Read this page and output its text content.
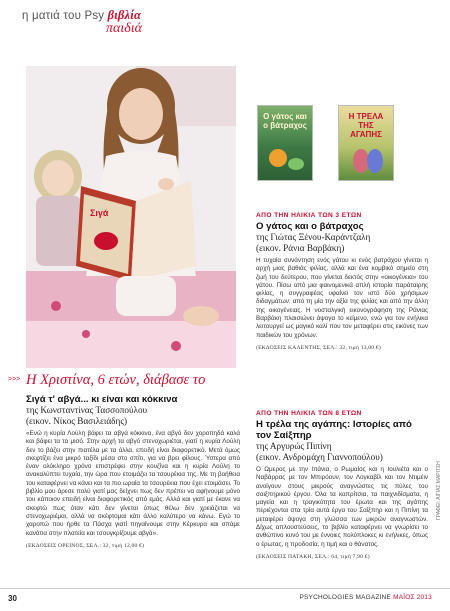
η ματιά του Psy βιβλία
παιδιά
Σιγά
Ο γάτος και ο βάτραχος
Η ΤΡΕΛΑ ΤΗΣ ΑΓΑΠΗΣ
ΑΠΟ ΤΗΝ ΗΛΙΚΙΑ ΤΩΝ 3 ΕΤΩΝ
Ο γάτος και ο βάτραχος
της Γιώτας Ξένου-Καράντζαλη
(εικον. Ράνια Βαρβάκη)
Η τυχαία συνάντηση ενός γάτου κι ενός βατράχου γίνεται η αρχή μιας βαθιάς φιλίας, αλλά και ένα κομβικό σημείο στη ζωή του δεύτερου, που γίνεται δεκτός στην «οικογένεια» του γάτου. Πίσω από μια φαινομενικά απλή ιστορία παράταιρης φιλίας, η συγγραφέας υφαίνει τον ιστό δύο χρήσιμων διδαγμάτων: από τη μία την αξία της φιλίας και από την άλλη της οικογένειας. Η νοσταλγική εικονογράφηση της Ράνιας Βαρβάκη πλαισιώνει άψογα το κείμενο, ενώ για τον ενήλικα λειτουργεί ως μαγικό καλί που τον μεταφέρει στις εικόνες των παιδικών του χρόνων.
(ΕΚΔΟΣΕΙΣ ΚΑΛΕΝΤΗΣ, ΣΕΛ.: 32, τιμή 13,00 €)
ΑΠΟ ΤΗΝ ΗΛΙΚΙΑ ΤΩΝ 8 ΕΤΩΝ
Η τρέλα της αγάπης: Ιστορίες από τον Σαίξπηρ
της Αργυρώς Πιπίνη
(εικον. Ανδρομάχη Γιαννοπούλου)
Ο Ωμερος με την Ιπάνια, ο Ρωμαίος και η Ιουλιέτα και ο Ναβάρρας με τον Μπιρόουν, τον Λογκαβίλ και τον Ντιμέιν ανοίγουν στους μικρούς αναγνώστες τις πύλες του σαιξπηρικού έργου. Όλα τα καπρίτσια, τα παιχνιδίσματα, η μαγεία και η τραγικότητα του έρωτα και της αγάπης περιέχονται στα τρία αυτά έργα του Σαίξπηρ και η Πιπίνη τα μεταφέρει άψογα στη γλώσσα των μικρών αναγνωστών. Δίχως απλουστεύσεις, το βιβλίο καταφέρνει να γνωρίσει το ανθώπινο κυνό του με έννοιες πολύπλοκες κι ενήλικες, όπως ο έρωτας, η προδοσία, η τιμή και ο θάνατος.
(ΕΚΔΟΣΕΙΣ ΠΑΤΑΚΗ, ΣΕΛ.: 64, τιμή 7,90 €)
>>> Η Χριστίνα, 6 ετών, διάβασε το
Σιγά τ' αβγά... κι είναι και κόκκινα
της Κωνσταντίνας Τασσοπούλου
(εικον. Νίκος Βασιλειάδης)
«Ενώ η κυρία Λούλη βάφει τα αβγά κόκκινα, ένα αβγό δεν χοροπηδά καλά και βάφει τα τα μισό. Στην αρχή τα αβγό στενοχωριέται, γιατί η κυρία Λούλη δεν το βάζει στην πιατέλα με τα άλλα, επειδή είναι διαφορετικό. Μετά όμως σκεφτίζει ένα μικρό ταξίδι μέσα στο σπίτι, για να βρει φίλους. Ύστερα από έναν ολόκληρο χρόνο επιστρέφει στην κουζίνα και η κυρία Λούλη το ανακαλύπτει τυχαία, την ώρα που ετοιμάζει τα τσουρέκια της. Με τη βοήθεια του καταφέρνει να κάνει και τα πιο ωραία τα τσουρέκια που έχει ετοιμάσει. Το βιβλίο μου άρεσε πολύ γιατί μας δείχνει πως δεν πρέπει να αφήνουμε μόνο του κάποιον επειδή είναι διαφορετικός από εμάς. Αλλά και γιατί με έκανε να σκεφτώ πως όταν κάτι δεν γίνεται όπως θέλω δεν χρειάζεται να στενοχωριέμαι, αλλά να σκέφτομαι κάτι άλλο καλύτερο να κάνω. Εγώ το χαροπώ που ήρθε τα Πάσχα γιατί πηγαίνουμε στην Κέρκυρα και σπάμε κανάτια στην πλατεία και τσουγκρίζουμε αβγά».
(ΕΚΔΟΣΕΙΣ ΟΡΕΙΝΟΣ, ΣΕΛ.: 32, τιμή 12,00 €)
ΓΡΑΦΕΙ: ΑΙΓΙΑΣ ΜΑΡΙΤΣΗ
30	PSYCHOLOGIES MAGAZINE ΜΑΪΟΣ 2013
